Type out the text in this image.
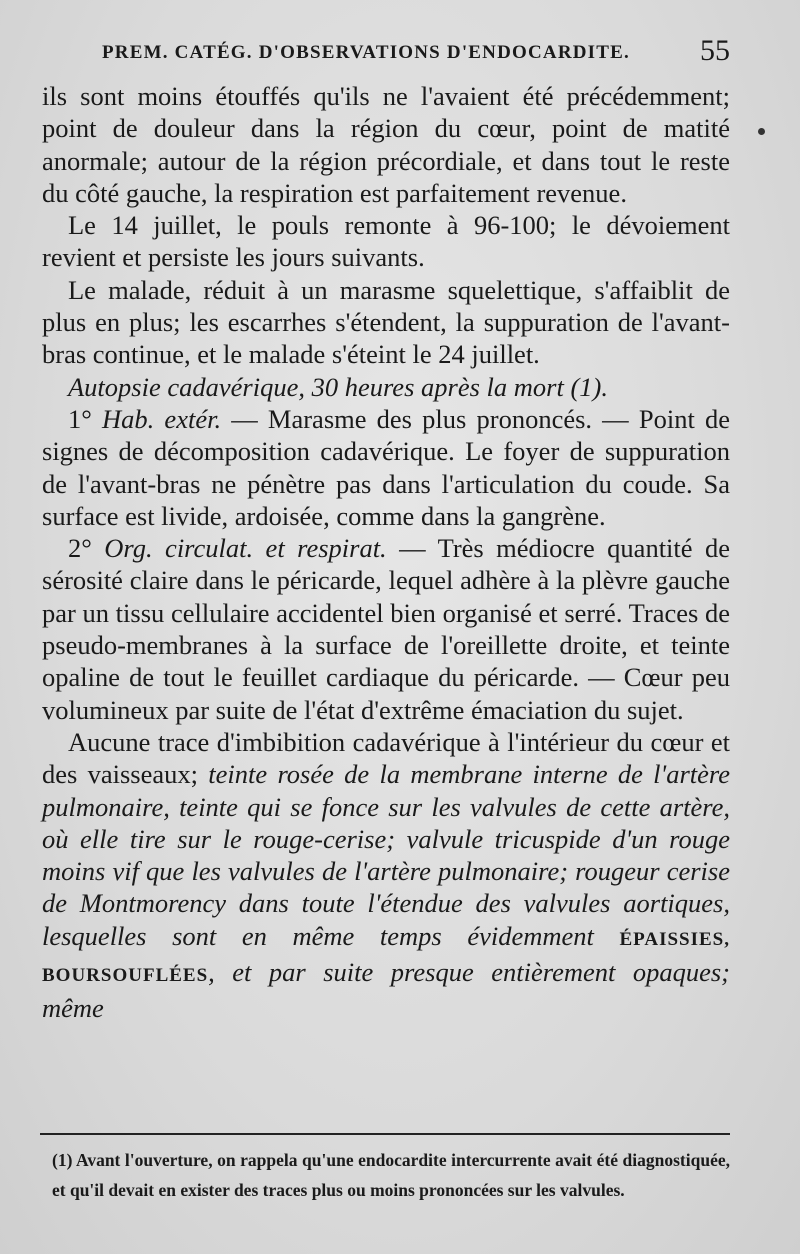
PREM. CATÉG. D'OBSERVATIONS D'ENDOCARDITE. 55

ils sont moins étouffés qu'ils ne l'avaient été précédemment; point de douleur dans la région du cœur, point de matité anormale; autour de la région précordiale, et dans tout le reste du côté gauche, la respiration est parfaitement revenue.

Le 14 juillet, le pouls remonte à 96-100; le dévoiement revient et persiste les jours suivants.

Le malade, réduit à un marasme squelettique, s'affaiblit de plus en plus; les escarrhes s'étendent, la suppuration de l'avant-bras continue, et le malade s'éteint le 24 juillet.

Autopsie cadavérique, 30 heures après la mort (1).

1° Hab. extér. — Marasme des plus prononcés. — Point de signes de décomposition cadavérique. Le foyer de suppuration de l'avant-bras ne pénètre pas dans l'articulation du coude. Sa surface est livide, ardoisée, comme dans la gangrène.

2° Org. circulat. et respirat. — Très médiocre quantité de sérosité claire dans le péricarde, lequel adhère à la plèvre gauche par un tissu cellulaire accidentel bien organisé et serré. Traces de pseudo-membranes à la surface de l'oreillette droite, et teinte opaline de tout le feuillet cardiaque du péricarde. — Cœur peu volumineux par suite de l'état d'extrême émaciation du sujet.

Aucune trace d'imbibition cadavérique à l'intérieur du cœur et des vaisseaux; teinte rosée de la membrane interne de l'artère pulmonaire, teinte qui se fonce sur les valvules de cette artère, où elle tire sur le rouge-cerise; valvule tricuspide d'un rouge moins vif que les valvules de l'artère pulmonaire; rougeur cerise de Montmorency dans toute l'étendue des valvules aortiques, lesquelles sont en même temps évidemment ÉPAISSIES, BOURSOUFLÉES, et par suite presque entièrement opaques; même

(1) Avant l'ouverture, on rappela qu'une endocardite intercurrente avait été diagnostiquée, et qu'il devait en exister des traces plus ou moins prononcées sur les valvules.
